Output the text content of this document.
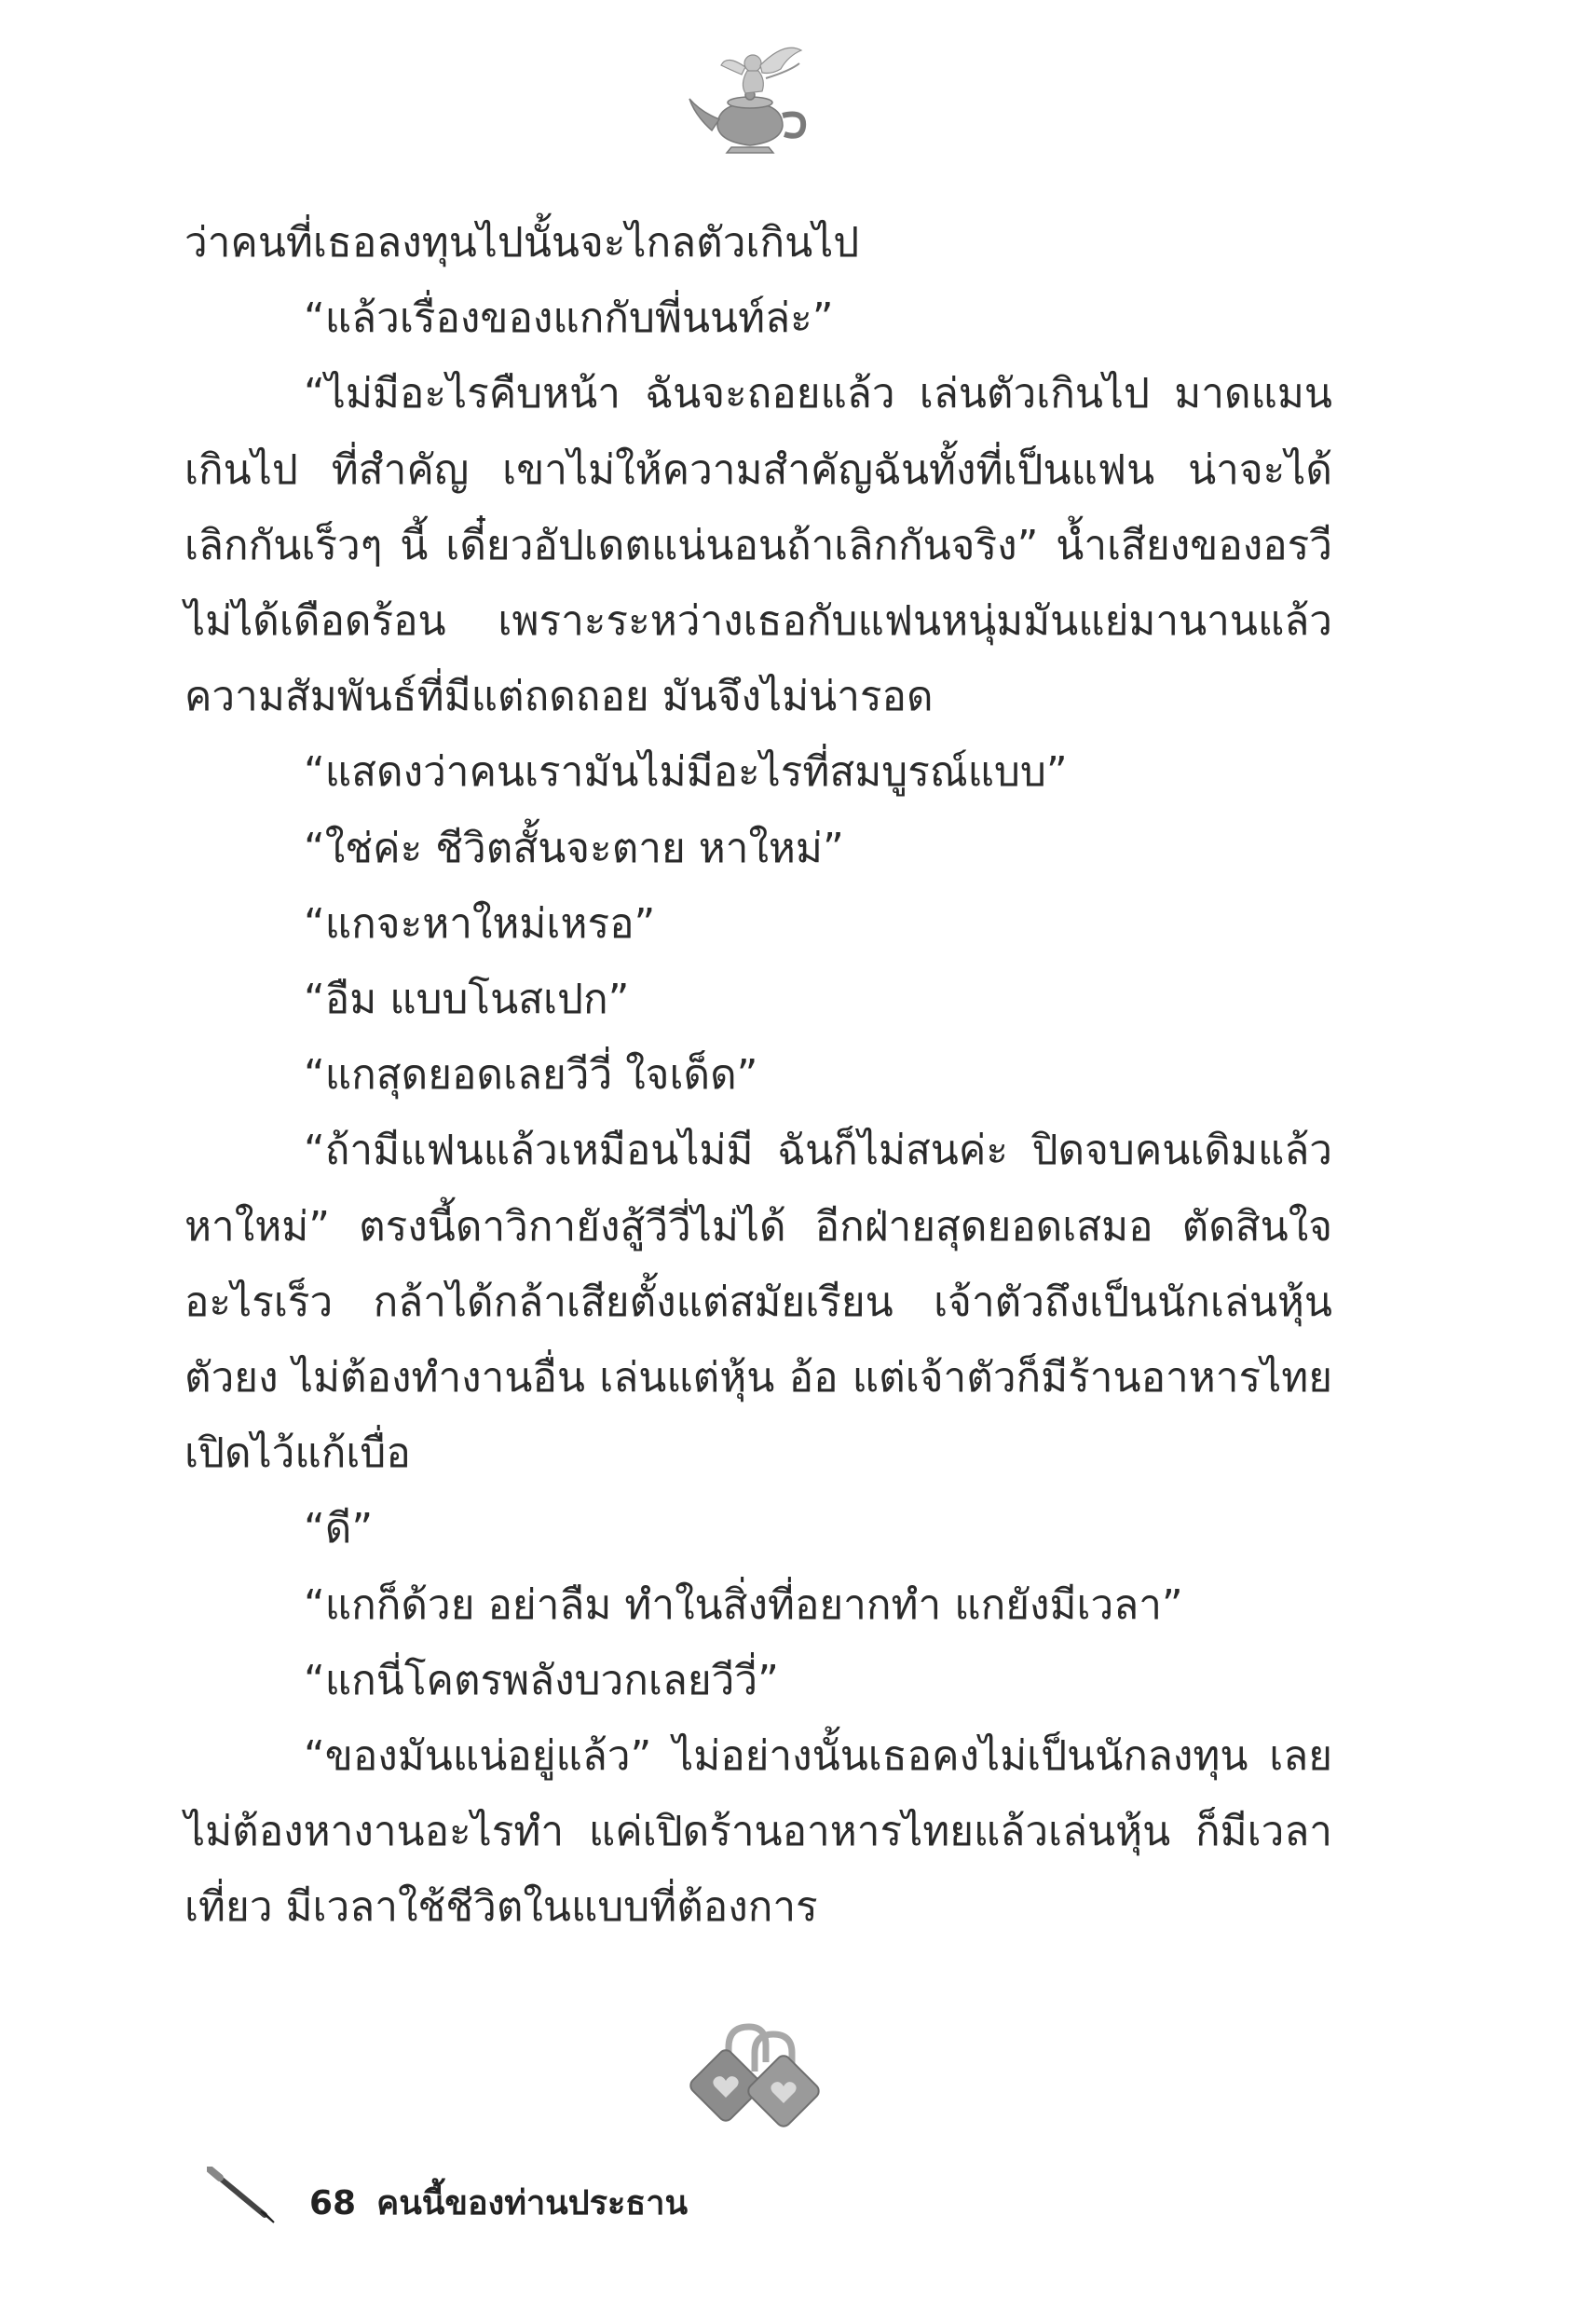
ว่าคนที่เธอลงทุนไปนั้นจะไกลตัวเกินไป

“แล้วเรื่องของแกกับพี่นนท์ล่ะ”

“ไม่มีอะไรคืบหน้า ฉันจะถอยแล้ว เล่นตัวเกินไป มาดแมนเกินไป ที่สำคัญ เขาไม่ให้ความสำคัญฉันทั้งที่เป็นแฟน น่าจะได้เลิกกันเร็วๆ นี้ เดี๋ยวอัปเดตแน่นอนถ้าเลิกกันจริง” น้ำเสียงของอรวีไม่ได้เดือดร้อน เพราะระหว่างเธอกับแฟนหนุ่มมันแย่มานานแล้ว ความสัมพันธ์ที่มีแต่ถดถอย มันจึงไม่น่ารอด

“แสดงว่าคนเรามันไม่มีอะไรที่สมบูรณ์แบบ”

“ใช่ค่ะ ชีวิตสั้นจะตาย หาใหม่”

“แกจะหาใหม่เหรอ”

“อืม แบบโนสเปก”

“แกสุดยอดเลยวีวี่ ใจเด็ด”

“ถ้ามีแฟนแล้วเหมือนไม่มี ฉันก็ไม่สนค่ะ ปิดจบคนเดิมแล้วหาใหม่” ตรงนี้ดาวิกายังสู้วีวี่ไม่ได้ อีกฝ่ายสุดยอดเสมอ ตัดสินใจอะไรเร็ว กล้าได้กล้าเสียตั้งแต่สมัยเรียน เจ้าตัวถึงเป็นนักเล่นหุ้นตัวยง ไม่ต้องทำงานอื่น เล่นแต่หุ้น อ้อ แต่เจ้าตัวก็มีร้านอาหารไทย เปิดไว้แก้เบื่อ

“ดี”

“แกก็ด้วย อย่าลืม ทำในสิ่งที่อยากทำ แกยังมีเวลา”

“แกนี่โคตรพลังบวกเลยวีวี่”

“ของมันแน่อยู่แล้ว” ไม่อย่างนั้นเธอคงไม่เป็นนักลงทุน เลยไม่ต้องหางานอะไรทำ แค่เปิดร้านอาหารไทยแล้วเล่นหุ้น ก็มีเวลาเที่ยว มีเวลาใช้ชีวิตในแบบที่ต้องการ

68 คนนี้ของท่านประธาน
